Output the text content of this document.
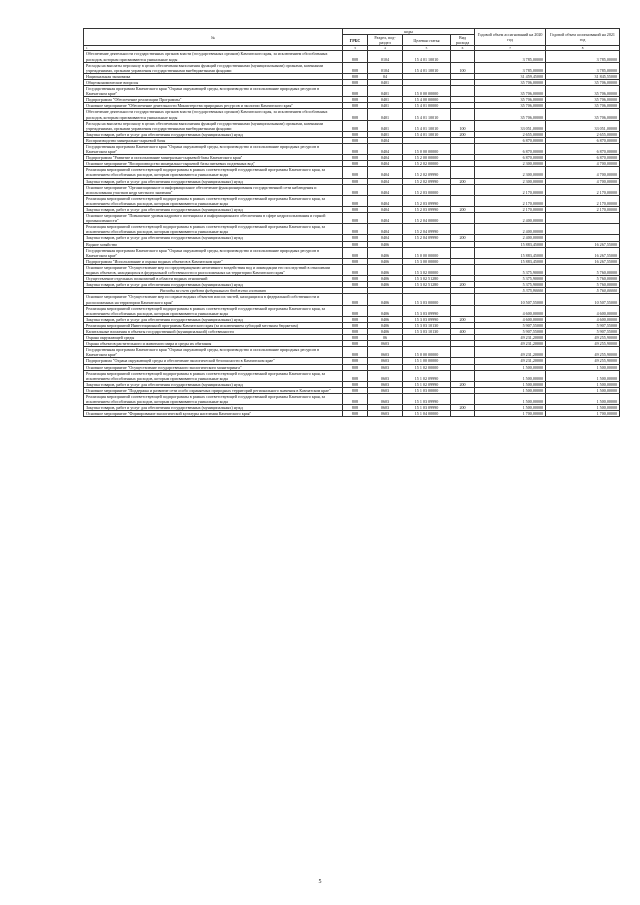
№	коды				Годовой объем ассигнований на 2020 год	Годовой объем ассигнований на 2021 год
	ГРБС	Раздел, под-раздел	Целевая статья	Вид расхода		
1	3	4	5	6	7	8
Обеспечение деятельности государственных органов власти (государственных органов) Камчатского края, за исключением обособленных расходов, которым присваиваются уникальные коды	808	0104	15 4 01 10010		3 785,00000	3 785,00000
Расходы на выплаты персоналу в целях обеспечения выполнения функций государственными (муниципальными) органами, казенными учреждениями, органами управления государственными внебюджетными фондами	808	0104	15 4 01 10010	100	3 785,00000	3 785,00000
Национальная экономика	808	04			31 459,45000	31 845,55000
Общеэкономические вопросы	808	0401			35 706,00000	35 706,00000
Государственная программа Камчатского края "Охрана окружающей среды, воспроизводство и использование природных ресурсов в Камчатском крае"	808	0401	15 0 00 00000		35 706,00000	35 706,00000
Подпрограмма "Обеспечение реализации Программы"	808	0401	15 4 00 00000		35 706,00000	35 706,00000
Основное мероприятие "Обеспечение деятельности Министерства природных ресурсов и экологии Камчатского края"	808	0401	15 4 01 00000		35 706,00000	35 706,00000
Обеспечение деятельности государственных органов власти (государственных органов) Камчатского края, за исключением обособленных расходов, которым присваиваются уникальные коды	808	0401	15 4 01 10010		35 706,00000	35 706,00000
Расходы на выплаты персоналу в целях обеспечения выполнения функций государственными (муниципальными) органами, казенными учреждениями, органами управления государственными внебюджетными фондами	808	0401	15 4 01 10010	100	33 051,00000	33 051,00000
Закупка товаров, работ и услуг для обеспечения государственных (муниципальных) нужд	808	0401	15 4 01 10010	200	2 655,00000	2 655,00000
Воспроизводство минерально-сырьевой базы	808	0404			6 870,00000	6 870,00000
Государственная программа Камчатского края "Охрана окружающей среды, воспроизводство и использование природных ресурсов в Камчатском крае"	808	0404	15 0 00 00000		6 870,00000	6 870,00000
Подпрограмма "Развитие и использование минерально-сырьевой базы Камчатского края"	808	0404	15 2 00 00000		6 870,00000	6 870,00000
Основное мероприятие "Воспроизводство минерально-сырьевой базы питьевых подземных вод"	808	0404	15 2 02 00000		2 300,00000	4 700,00000
Реализация мероприятий соответствующей подпрограммы в рамках соответствующей государственной программы Камчатского края, за исключением обособленных расходов, которым присваиваются уникальные коды	808	0404	15 2 02 09990		2 300,00000	4 700,00000
Закупка товаров, работ и услуг для обеспечения государственных (муниципальных) нужд	808	0404	15 2 02 09990	200	2 300,00000	4 700,00000
Основное мероприятие "Организационное и информационное обеспечение функционирования государственной сети наблюдения и использования участков недр местного значения"	808	0404	15 2 03 00000		2 170,00000	2 170,00000
Реализация мероприятий соответствующей подпрограммы в рамках соответствующей государственной программы Камчатского края, за исключением обособленных расходов, которым присваиваются уникальные коды	808	0404	15 2 03 09990		2 170,00000	2 170,00000
Закупка товаров, работ и услуг для обеспечения государственных (муниципальных) нужд	808	0404	15 2 03 09990	200	2 170,00000	2 170,00000
Основное мероприятие "Повышение уровня кадрового потенциала и информационного обеспечения в сфере недропользования и горной промышленности"	808	0404	15 2 04 00000		2 400,00000	
Реализация мероприятий соответствующей подпрограммы в рамках соответствующей государственной программы Камчатского края, за исключением обособленных расходов, которым присваиваются уникальные коды	808	0404	15 2 04 09990		2 400,00000	
Закупка товаров, работ и услуг для обеспечения государственных (муниципальных) нужд	808	0404	15 2 04 09990	200	2 400,00000	
Водное хозяйство	808	0406			15 883,45000	16 267,55000
Государственная программа Камчатского края "Охрана окружающей среды, воспроизводство и использование природных ресурсов в Камчатском крае"	808	0406	15 0 00 00000		15 883,45000	16 267,55000
Подпрограмма "Использование и охрана водных объектов в Камчатском крае"	808	0406	15 3 00 00000		15 883,45000	16 267,55000
Основное мероприятие "Осуществление мер по предотвращению негативного воздействия вод и ликвидации его последствий в отношении водных объектов, находящихся в федеральной собственности и расположенных на территории Камчатского края"	808	0406	15 3 02 00000		5 375,90000	5 760,00000
Осуществление отдельных полномочий в области водных отношений	808	0406	15 3 02 51280		5 375,90000	5 760,00000
Закупка товаров, работ и услуг для обеспечения государственных (муниципальных) нужд	808	0406	15 3 02 51280	200	5 375,90000	5 760,00000
Расходы за счет средств федерального бюджета составят					5 375,90000	5 760,00000
Основное мероприятие "Осуществление мер по охране водных объектов или их частей, находящихся в федеральной собственности и расположенных на территории Камчатского края"	808	0406	15 3 03 00000		10 507,55000	10 507,55000
Реализация мероприятий соответствующей подпрограммы в рамках соответствующей государственной программы Камчатского края, за исключением обособленных расходов, которым присваиваются уникальные коды	808	0406	15 3 03 09990		4 600,00000	4 600,00000
Закупка товаров, работ и услуг для обеспечения государственных (муниципальных) нужд	808	0406	15 3 03 09990	200	4 600,00000	4 600,00000
Реализация мероприятий Инвестиционной программы Камчатского края (за исключением субсидий местным бюджетам)	808	0406	15 3 03 10130		5 907,55000	5 907,55000
Капитальные вложения в объекты государственной (муниципальной) собственности	808	0406	15 3 03 10130	400	5 907,55000	5 907,55000
Охрана окружающей среды	808	06			49 231,20000	49 255,90000
Охрана объектов растительного и животного мира и среды их обитания	808	0603			49 231,20000	49 255,90000
Государственная программа Камчатского края "Охрана окружающей среды, воспроизводство и использование природных ресурсов в Камчатском крае"	808	0603	15 0 00 00000		49 231,20000	49 255,90000
Подпрограмма "Охрана окружающей среды и обеспечение экологической безопасности в Камчатском крае"	808	0603	15 1 00 00000		49 231,20000	49 255,90000
Основное мероприятие "Осуществление государственного экологического мониторинга"	808	0603	15 1 02 00000		1 500,00000	1 500,00000
Реализация мероприятий соответствующей подпрограммы в рамках соответствующей государственной программы Камчатского края, за исключением обособленных расходов, которым присваиваются уникальные коды	808	0603	15 1 02 09990		1 500,00000	1 500,00000
Закупка товаров, работ и услуг для обеспечения государственных (муниципальных) нужд	808	0603	15 1 02 09990	200	1 500,00000	1 500,00000
Основное мероприятие "Поддержка и развитие сети особо охраняемых природных территорий регионального значения в Камчатском крае"	808	0603	15 1 03 00000		1 500,00000	1 500,00000
Реализация мероприятий соответствующей подпрограммы в рамках соответствующей государственной программы Камчатского края, за исключением обособленных расходов, которым присваиваются уникальные коды	808	0603	15 1 03 09990		1 500,00000	1 500,00000
Закупка товаров, работ и услуг для обеспечения государственных (муниципальных) нужд	808	0603	15 1 03 09990	200	1 500,00000	1 500,00000
Основное мероприятие "Формирование экологической культуры населения Камчатского края"	808	0603	15 1 04 00000		1 700,00000	1 700,00000
5
